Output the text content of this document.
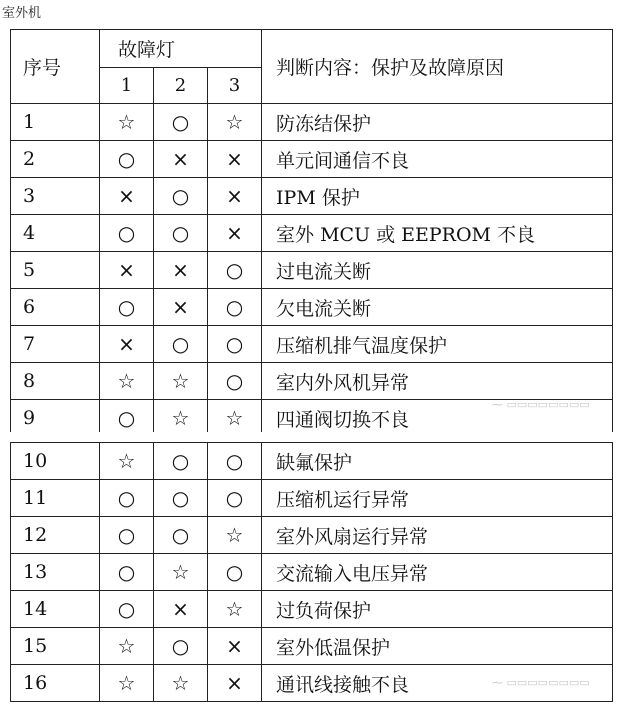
室外机
序号	故障灯			判断内容：保护及故障原因
	1	2	3	
1	☆	○	☆	防冻结保护
2	○	×	×	单元间通信不良
3	×	○	×	IPM 保护
4	○	○	×	室外 MCU 或 EEPROM 不良
5	×	×	○	过电流关断
6	○	×	○	欠电流关断
7	×	○	○	压缩机排气温度保护
8	☆	☆	○	室内外风机异常
9	○	☆	☆	四通阀切换不良
10	☆	○	○	缺氟保护
11	○	○	○	压缩机运行异常
12	○	○	☆	室外风扇运行异常
13	○	☆	○	交流输入电压异常
14	○	×	☆	过负荷保护
15	☆	○	×	室外低温保护
16	☆	☆	×	通讯线接触不良
⁓ ▭▭▭▭▭▭▭▭
⁓ ▭▭▭▭▭▭▭▭
